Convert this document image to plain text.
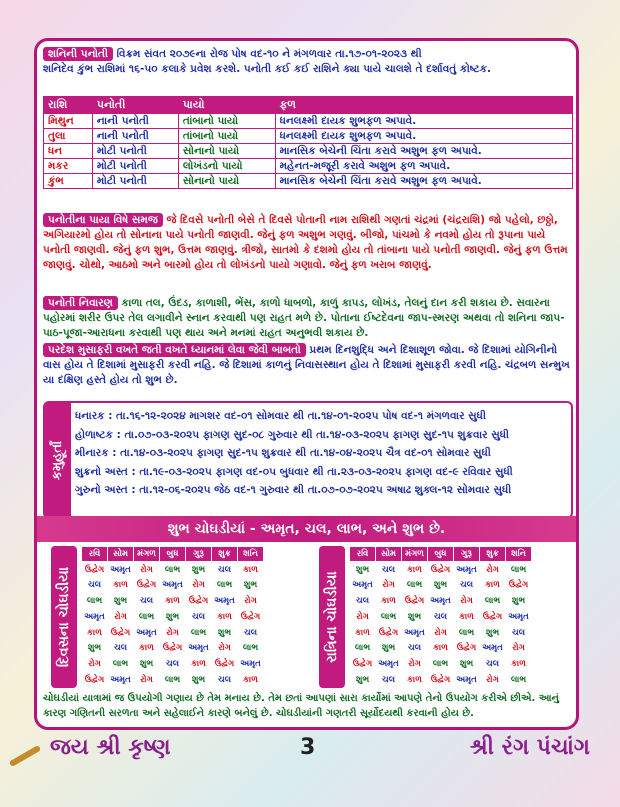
શનિની પનોતી વિક્રમ સંવત ૨૦૭૯ના રોજ પોષ વદ-૧૦ ને મંગળવાર તા.૧૭-૦૧-૨૦૨૩ થી
શનિદેવ કુંભ રાશિમાં ૧૬-૫૦ કલાકે પ્રવેશ કરશે. પનોતી કઈ કઈ રાશિને ક્યા પાયે ચાલશે તે દર્શાવતું કોષ્ટક.
રાશિ	પનોતી	પાયો	ફળ
મિથુન	નાની પનોતી	તાંબાનો પાયો	ધનલક્ષ્મી દાયક શુભફળ અપાવે.
તુલા	નાની પનોતી	તાંબાનો પાયો	ધનલક્ષ્મી દાયક શુભફળ અપાવે.
ધન	મોટી પનોતી	સોનાનો પાયો	માનસિક બેચેની ચિંતા કરાવે અશુભ ફળ અપાવે.
મકર	મોટી પનોતી	લોખંડનો પાયો	મહેનત-મજૂરી કરાવે અશુભ ફળ અપાવે.
કુંભ	મોટી પનોતી	સોનાનો પાયો	માનસિક બેચેની ચિંતા કરાવે અશુભ ફળ અપાવે.
પનોતીના પાયા વિષે સમજ જે દિવસે પનોતી બેસે તે દિવસે પોતાની નામ રાશિથી ગણતાં ચંદ્રમાં (ચંદ્રરાશિ) જો પહેલો, છઠ્ઠો, અગિયારમો હોય તો સોનાના પાયે પનોતી જાણવી. જેનું ફળ અશુભ ગણવું. બીજો, પાંચમો કે નવમો હોય તો રૂપાના પાયે પનોતી જાણવી. જેનું ફળ શુભ, ઉત્તમ જાણવું. ત્રીજો, સાતમો કે દશમો હોય તો તાંબાના પાયે પનોતી જાણવી. જેનું ફળ ઉત્તમ જાણવું. ચોથો, આઠમો અને બારમો હોય તો લોખંડનો પાયો ગણાવો. જેનું ફળ ખરાબ જાણવું.
પનોતી નિવારણ કાળા તલ, ઉંદડ, કાળાશી, ભેંસ, કાળો ધાબળો, કાળું કાપડ, લોખંડ, તેલનું દાન કરી શકાય છે. સવારના પહોરમાં શરીર ઉપર તેલ લગાવીને સ્નાન કરવાથી પણ રાહત મળે છે. પોતાના ઈષ્ટદેવના જાપ-સ્મરણ અથવા તો શનિના જાપ-પાઠ-પૂજા-આરાધના કરવાથી પણ થાય અને મનમાં રાહત અનુભવી શકાય છે.
પરદેશ મુસાફરી વખતે જતી વખતે ધ્યાનમાં લેવા જેવી બાબતો પ્રથમ દિનશુદ્ધિ અને દિશાશૂળ જોવા. જે દિશામાં યોગિનીનો વાસ હોય તે દિશામાં મુસાફરી કરવી નહિ. જે દિશામાં કાળનું નિવાસસ્થાન હોય તે દિશામાં મુસાફરી કરવી નહિ. ચંદ્રબળ સન્મુખ યા દક્ષિણ હસ્તે હોય તો શુભ છે.
કમુહૂર્તાં
ધનારક : તા.૧૬-૧૨-૨૦૨૪ માગશર વદ-૦૧ સોમવાર થી તા.૧૪-૦૧-૨૦૨૫ પોષ વદ-૧ મંગળવાર સુધી
હોળાષ્ટક : તા.૦૭-૦૩-૨૦૨૫ ફાગણ સુદ-૦૮ ગુરુવાર થી તા.૧૪-૦૩-૨૦૨૫ ફાગણ સુદ-૧૫ શુક્રવાર સુધી
મીનારક : તા.૧૪-૦૩-૨૦૨૫ ફાગણ સુદ-૧૫ શુક્રવાર થી તા.૧૪-૦૪-૨૦૨૫ ચૈત્ર વદ-૦૧ સોમવાર સુધી
શુક્રનો અસ્ત : તા.૧૯-૦૩-૨૦૨૫ ફાગણ વદ-૦૫ બુધવાર થી તા.૨૩-૦૩-૨૦૨૫ ફાગણ વદ-૯ રવિવાર સુધી
ગુરુનો અસ્ત : તા.૧૨-૦૬-૨૦૨૫ જેઠ વદ-૧ ગુરુવાર થી તા.૦૭-૦૭-૨૦૨૫ અષાઢ શુક્લ-૧૨ સોમવાર સુધી
શુભ ચોઘડીયાં - અમૃત, ચલ, લાભ, અને શુભ છે.
દિવસના ચોઘડીયા
રવિ	સોમ	મંગળ	બુધ	ગુરૂ	શુક્ર	શનિ
ઉદ્વેગ	અમૃત	રોગ	લાભ	શુભ	ચલ	કાળ
ચલ	કાળ	ઉદ્વેગ	અમૃત	રોગ	લાભ	શુભ
લાભ	શુભ	ચલ	કાળ	ઉદ્વેગ	અમૃત	રોગ
અમૃત	રોગ	લાભ	શુભ	ચલ	કાળ	ઉદ્વેગ
કાળ	ઉદ્વેગ	અમૃત	રોગ	લાભ	શુભ	ચલ
શુભ	ચલ	કાળ	ઉદ્વેગ	અમૃત	રોગ	લાભ
રોગ	લાભ	શુભ	ચલ	કાળ	ઉદ્વેગ	અમૃત
ઉદ્વેગ	અમૃત	રોગ	લાભ	શુભ	ચલ	કાળ
રાત્રિના ચોઘડીયા
રવિ	સોમ	મંગળ	બુધ	ગુરૂ	શુક્ર	શનિ
શુભ	ચલ	કાળ	ઉદ્વેગ	અમૃત	રોગ	લાભ
અમૃત	રોગ	લાભ	શુભ	ચલ	કાળ	ઉદ્વેગ
ચલ	કાળ	ઉદ્વેગ	અમૃત	રોગ	લાભ	શુભ
રોગ	લાભ	શુભ	ચલ	કાળ	ઉદ્વેગ	અમૃત
કાળ	ઉદ્વેગ	અમૃત	રોગ	લાભ	શુભ	ચલ
લાભ	શુભ	ચલ	કાળ	ઉદ્વેગ	અમૃત	રોગ
ઉદ્વેગ	અમૃત	રોગ	લાભ	શુભ	ચલ	કાળ
શુભ	ચલ	કાળ	ઉદ્વેગ	અમૃત	રોગ	લાભ
ચોઘડીયાં યાત્રામાં જ ઉપયોગી ગણાય છે તેમ મનાય છે. તેમ છતાં આપણાં સારા કાર્યોમાં આપણે તેનો ઉપયોગ કરીએ છીએ. આનું કારણ ગણિતની સરળતા અને સહેલાઈને કારણે બનેલું છે. ચોઘડીયાંની ગણતરી સૂર્યોદયથી કરવાની હોય છે.
જય શ્રી કૃષ્ણ	3	શ્રી રંગ પંચાંગ
